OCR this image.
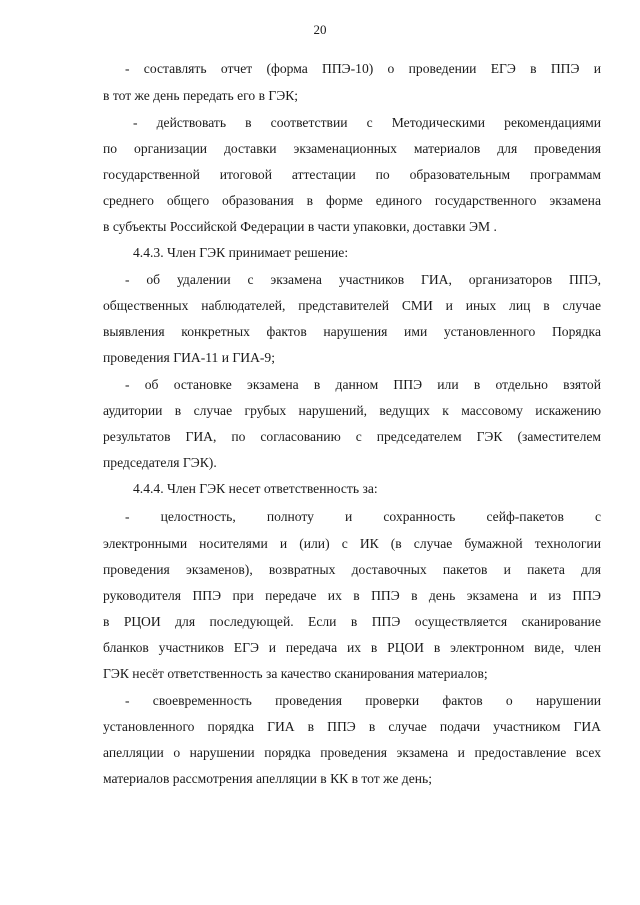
20
- составлять отчет (форма ППЭ-10) о проведении ЕГЭ в ППЭ и
в тот же день передать его в ГЭК;
- действовать в соответствии с Методическими рекомендациями
по организации доставки экзаменационных материалов для проведения
государственной итоговой аттестации по образовательным программам
среднего общего образования в форме единого государственного экзамена
в субъекты Российской Федерации в части упаковки, доставки ЭМ .
4.4.3. Член ГЭК принимает решение:
- об удалении с экзамена участников ГИА, организаторов ППЭ,
общественных наблюдателей, представителей СМИ и иных лиц в случае
выявления конкретных фактов нарушения ими установленного Порядка
проведения ГИА-11 и ГИА-9;
- об остановке экзамена в данном ППЭ или в отдельно взятой
аудитории в случае грубых нарушений, ведущих к массовому искажению
результатов ГИА, по согласованию с председателем ГЭК (заместителем
председателя ГЭК).
4.4.4. Член ГЭК несет ответственность за:
- целостность, полноту и сохранность сейф-пакетов с
электронными носителями и (или) с ИК (в случае бумажной технологии
проведения экзаменов), возвратных доставочных пакетов и пакета для
руководителя ППЭ при передаче их в ППЭ в день экзамена и из ППЭ
в РЦОИ для последующей. Если в ППЭ осуществляется сканирование
бланков участников ЕГЭ и передача их в РЦОИ в электронном виде, член
ГЭК несёт ответственность за качество сканирования материалов;
- своевременность проведения проверки фактов о нарушении
установленного порядка ГИА в ППЭ в случае подачи участником ГИА
апелляции о нарушении порядка проведения экзамена и предоставление всех
материалов рассмотрения апелляции в КК в тот же день;
